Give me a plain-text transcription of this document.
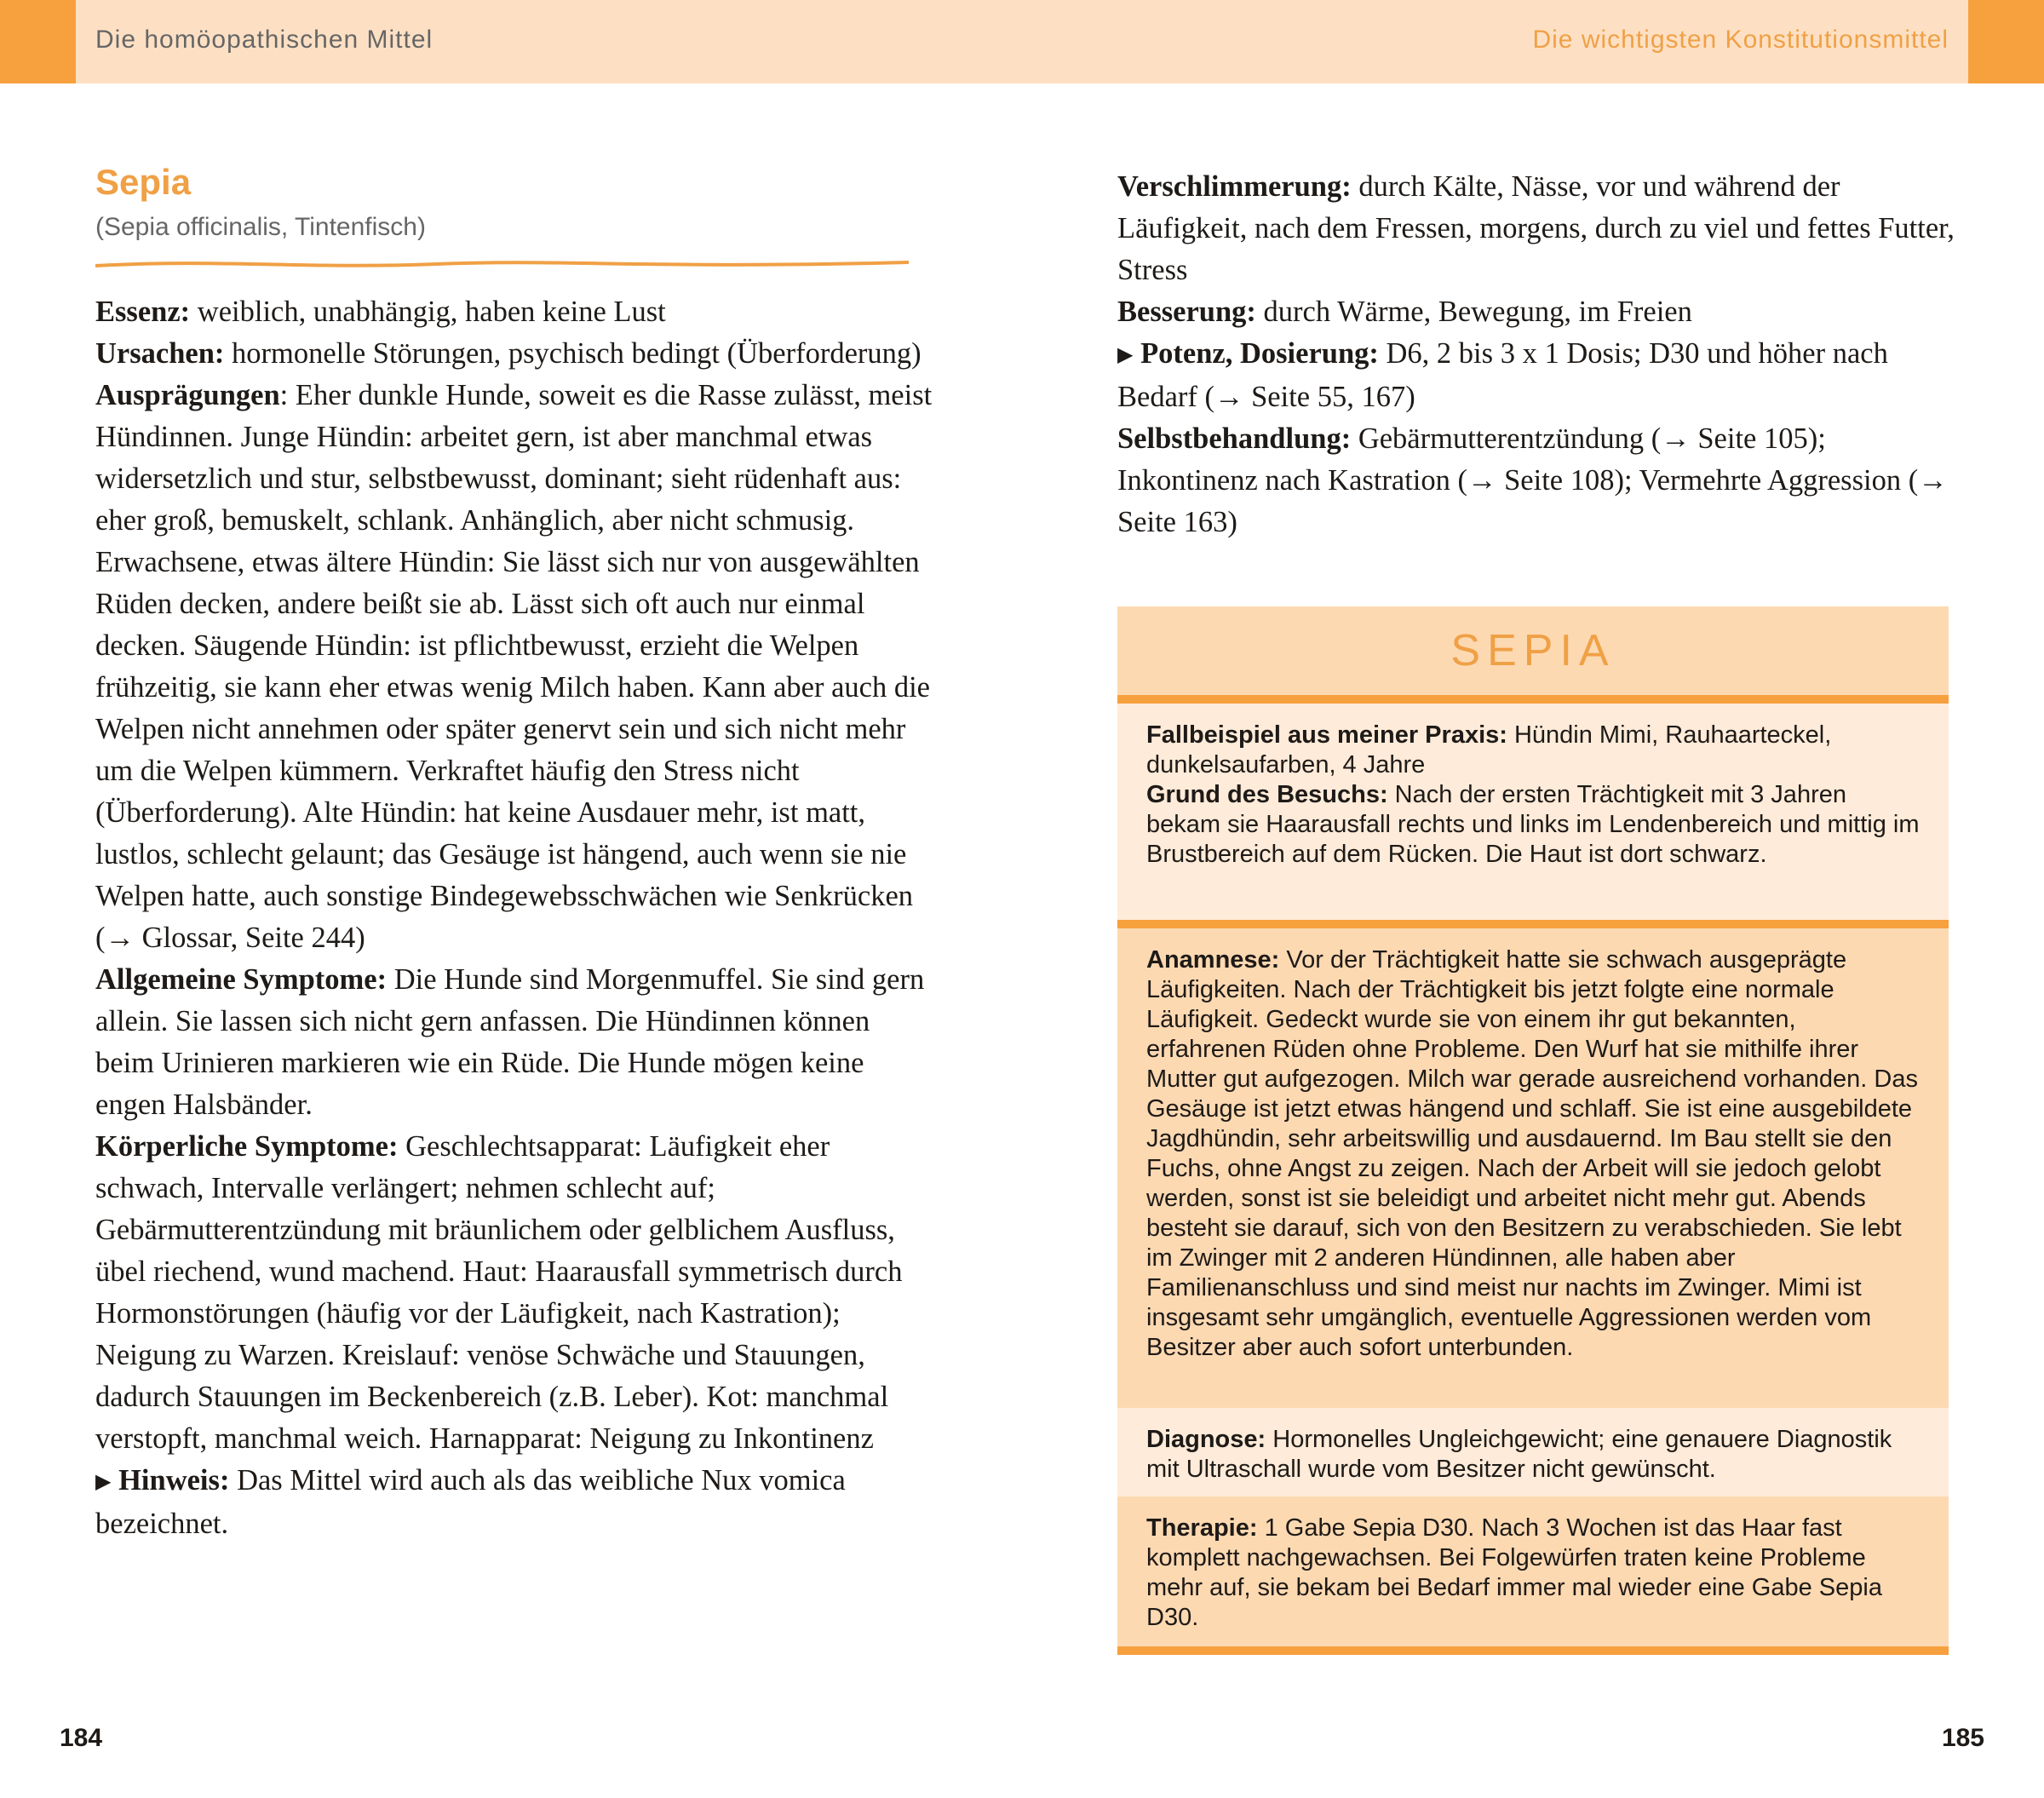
Die homöopathischen Mittel	Die wichtigsten Konstitutionsmittel
Sepia
(Sepia officinalis, Tintenfisch)

Essenz: weiblich, unabhängig, haben keine Lust

Ursachen: hormonelle Störungen, psychisch bedingt (Überforderung)

Ausprägungen: Eher dunkle Hunde, soweit es die Rasse zulässt, meist Hündinnen. Junge Hündin: arbeitet gern, ist aber manchmal etwas widersetzlich und stur, selbstbewusst, dominant; sieht rüdenhaft aus: eher groß, bemuskelt, schlank. Anhänglich, aber nicht schmusig. Erwachsene, etwas ältere Hündin: Sie lässt sich nur von ausgewählten Rüden decken, andere beißt sie ab. Lässt sich oft auch nur einmal decken. Säugende Hündin: ist pflichtbewusst, erzieht die Welpen frühzeitig, sie kann eher etwas wenig Milch haben. Kann aber auch die Welpen nicht annehmen oder später genervt sein und sich nicht mehr um die Welpen kümmern. Verkraftet häufig den Stress nicht (Überforderung). Alte Hündin: hat keine Ausdauer mehr, ist matt, lustlos, schlecht gelaunt; das Gesäuge ist hängend, auch wenn sie nie Welpen hatte, auch sonstige Bindegewebsschwächen wie Senkrücken (→ Glossar, Seite 244)

Allgemeine Symptome: Die Hunde sind Morgenmuffel. Sie sind gern allein. Sie lassen sich nicht gern anfassen. Die Hündinnen können beim Urinieren markieren wie ein Rüde. Die Hunde mögen keine engen Halsbänder.

Körperliche Symptome: Geschlechtsapparat: Läufigkeit eher schwach, Intervalle verlängert; nehmen schlecht auf; Gebärmutterentzündung mit bräunlichem oder gelblichem Ausfluss, übel riechend, wund machend. Haut: Haarausfall symmetrisch durch Hormonstörungen (häufig vor der Läufigkeit, nach Kastration); Neigung zu Warzen. Kreislauf: venöse Schwäche und Stauungen, dadurch Stauungen im Beckenbereich (z.B. Leber). Kot: manchmal verstopft, manchmal weich. Harnapparat: Neigung zu Inkontinenz

▶ Hinweis: Das Mittel wird auch als das weibliche Nux vomica bezeichnet.

Verschlimmerung: durch Kälte, Nässe, vor und während der Läufigkeit, nach dem Fressen, morgens, durch zu viel und fettes Futter, Stress

Besserung: durch Wärme, Bewegung, im Freien

▶ Potenz, Dosierung: D6, 2 bis 3 x 1 Dosis; D30 und höher nach Bedarf (→ Seite 55, 167)

Selbstbehandlung: Gebärmutterentzündung (→ Seite 105); Inkontinenz nach Kastration (→ Seite 108); Vermehrte Aggression (→ Seite 163)

SEPIA

Fallbeispiel aus meiner Praxis: Hündin Mimi, Rauhaarteckel, dunkelsaufarben, 4 Jahre

Grund des Besuchs: Nach der ersten Trächtigkeit mit 3 Jahren bekam sie Haarausfall rechts und links im Lendenbereich und mittig im Brustbereich auf dem Rücken. Die Haut ist dort schwarz.

Anamnese: Vor der Trächtigkeit hatte sie schwach ausgeprägte Läufigkeiten. Nach der Trächtigkeit bis jetzt folgte eine normale Läufigkeit. Gedeckt wurde sie von einem ihr gut bekannten, erfahrenen Rüden ohne Probleme. Den Wurf hat sie mithilfe ihrer Mutter gut aufgezogen. Milch war gerade ausreichend vorhanden. Das Gesäuge ist jetzt etwas hängend und schlaff. Sie ist eine ausgebildete Jagdhündin, sehr arbeitswillig und ausdauernd. Im Bau stellt sie den Fuchs, ohne Angst zu zeigen. Nach der Arbeit will sie jedoch gelobt werden, sonst ist sie beleidigt und arbeitet nicht mehr gut. Abends besteht sie darauf, sich von den Besitzern zu verabschieden. Sie lebt im Zwinger mit 2 anderen Hündinnen, alle haben aber Familienanschluss und sind meist nur nachts im Zwinger. Mimi ist insgesamt sehr umgänglich, eventuelle Aggressionen werden vom Besitzer aber auch sofort unterbunden.

Diagnose: Hormonelles Ungleichgewicht; eine genauere Diagnostik mit Ultraschall wurde vom Besitzer nicht gewünscht.

Therapie: 1 Gabe Sepia D30. Nach 3 Wochen ist das Haar fast komplett nachgewachsen. Bei Folgewürfen traten keine Probleme mehr auf, sie bekam bei Bedarf immer mal wieder eine Gabe Sepia D30.

184	185
